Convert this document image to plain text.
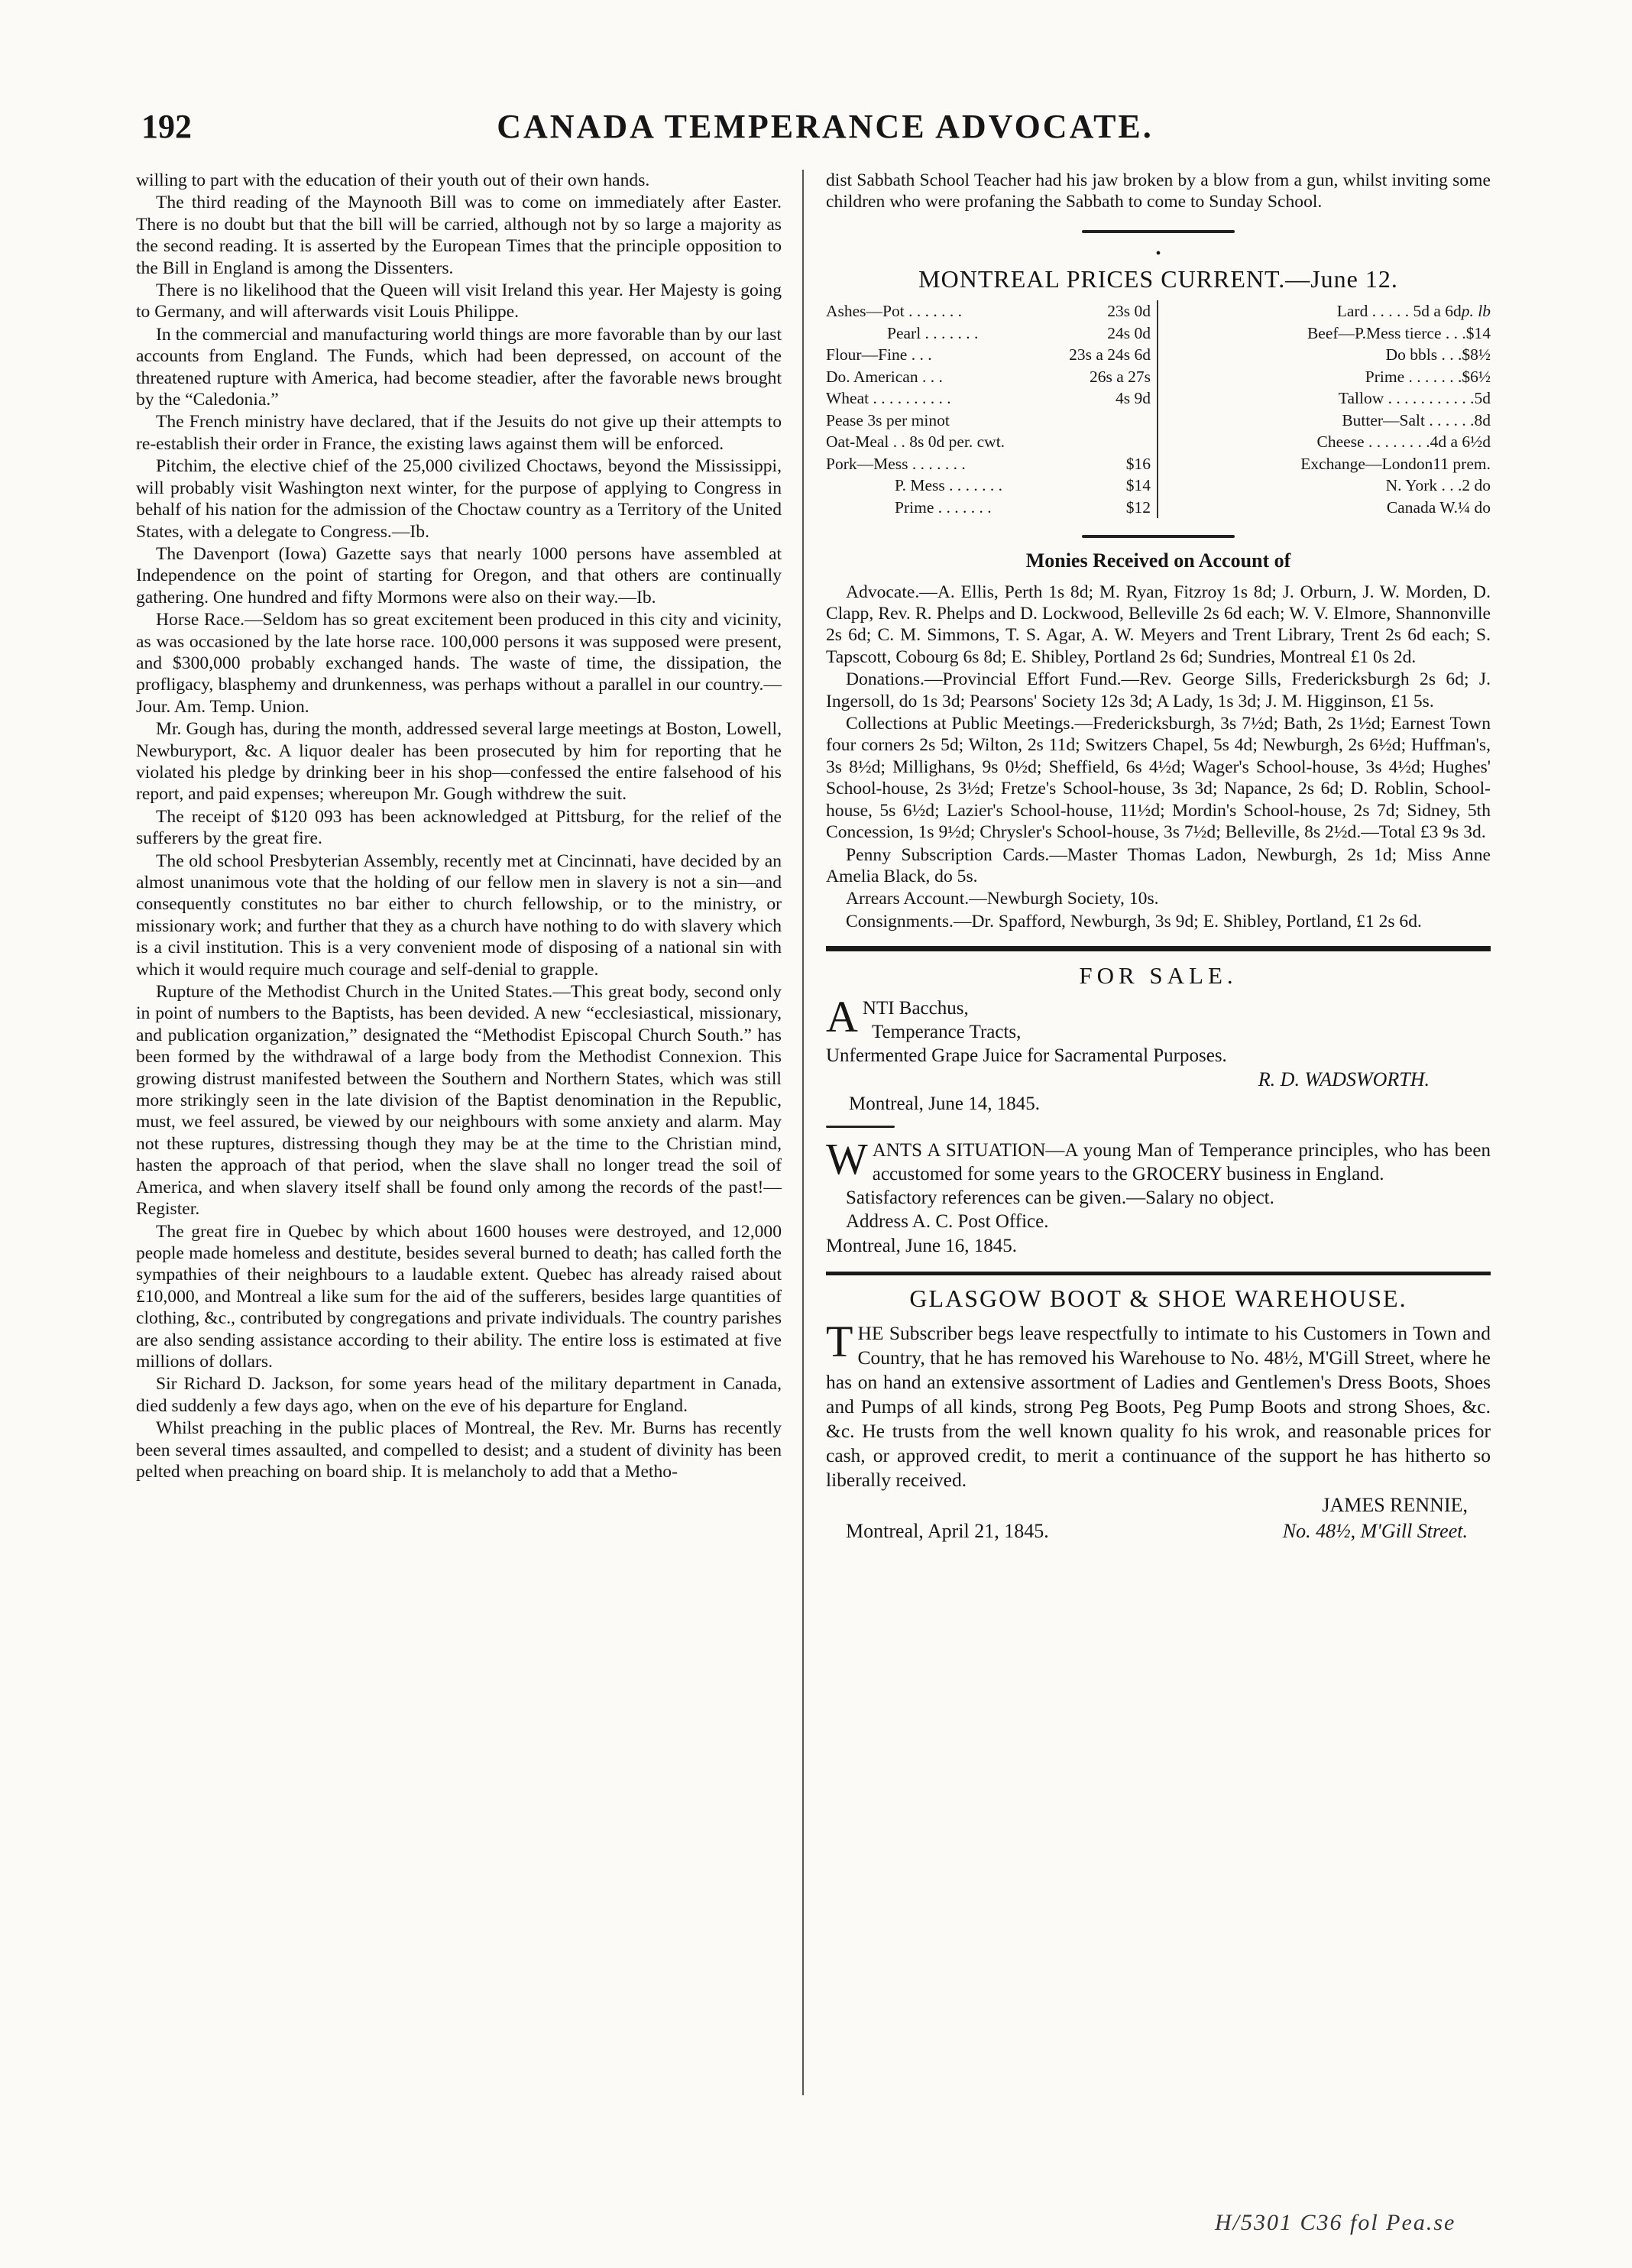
192	CANADA TEMPERANCE ADVOCATE.

willing to part with the education of their youth out of their own hands.

The third reading of the Maynooth Bill was to come on immediately after Easter. There is no doubt but that the bill will be carried, although not by so large a majority as the second reading. It is asserted by the European Times that the principle opposition to the Bill in England is among the Dissenters.

There is no likelihood that the Queen will visit Ireland this year. Her Majesty is going to Germany, and will afterwards visit Louis Philippe.

In the commercial and manufacturing world things are more favorable than by our last accounts from England. The Funds, which had been depressed, on account of the threatened rupture with America, had become steadier, after the favorable news brought by the “Caledonia.”

The French ministry have declared, that if the Jesuits do not give up their attempts to re-establish their order in France, the existing laws against them will be enforced.

Pitchim, the elective chief of the 25,000 civilized Choctaws, beyond the Mississippi, will probably visit Washington next winter, for the purpose of applying to Congress in behalf of his nation for the admission of the Choctaw country as a Territory of the United States, with a delegate to Congress.—Ib.

The Davenport (Iowa) Gazette says that nearly 1000 persons have assembled at Independence on the point of starting for Oregon, and that others are continually gathering. One hundred and fifty Mormons were also on their way.—Ib.

Horse Race.—Seldom has so great excitement been produced in this city and vicinity, as was occasioned by the late horse race. 100,000 persons it was supposed were present, and $300,000 probably exchanged hands. The waste of time, the dissipation, the profligacy, blasphemy and drunkenness, was perhaps without a parallel in our country.—Jour. Am. Temp. Union.

Mr. Gough has, during the month, addressed several large meetings at Boston, Lowell, Newburyport, &c. A liquor dealer has been prosecuted by him for reporting that he violated his pledge by drinking beer in his shop—confessed the entire falsehood of his report, and paid expenses; whereupon Mr. Gough withdrew the suit.

The receipt of $120 093 has been acknowledged at Pittsburg, for the relief of the sufferers by the great fire.

The old school Presbyterian Assembly, recently met at Cincinnati, have decided by an almost unanimous vote that the holding of our fellow men in slavery is not a sin—and consequently constitutes no bar either to church fellowship, or to the ministry, or missionary work; and further that they as a church have nothing to do with slavery which is a civil institution. This is a very convenient mode of disposing of a national sin with which it would require much courage and self-denial to grapple.

Rupture of the Methodist Church in the United States.—This great body, second only in point of numbers to the Baptists, has been devided. A new “ecclesiastical, missionary, and publication organization,” designated the “Methodist Episcopal Church South.” has been formed by the withdrawal of a large body from the Methodist Connexion. This growing distrust manifested between the Southern and Northern States, which was still more strikingly seen in the late division of the Baptist denomination in the Republic, must, we feel assured, be viewed by our neighbours with some anxiety and alarm. May not these ruptures, distressing though they may be at the time to the Christian mind, hasten the approach of that period, when the slave shall no longer tread the soil of America, and when slavery itself shall be found only among the records of the past!—Register.

The great fire in Quebec by which about 1600 houses were destroyed, and 12,000 people made homeless and destitute, besides several burned to death; has called forth the sympathies of their neighbours to a laudable extent. Quebec has already raised about £10,000, and Montreal a like sum for the aid of the sufferers, besides large quantities of clothing, &c., contributed by congregations and private individuals. The country parishes are also sending assistance according to their ability. The entire loss is estimated at five millions of dollars.

Sir Richard D. Jackson, for some years head of the military department in Canada, died suddenly a few days ago, when on the eve of his departure for England.

Whilst preaching in the public places of Montreal, the Rev. Mr. Burns has recently been several times assaulted, and compelled to desist; and a student of divinity has been pelted when preaching on board ship. It is melancholy to add that a Metho-

dist Sabbath School Teacher had his jaw broken by a blow from a gun, whilst inviting some children who were profaning the Sabbath to come to Sunday School.

•
MONTREAL PRICES CURRENT.—June 12.
Ashes—Pot . . . . . . .	23s 0d
Pearl . . . . . . .	24s 0d
Flour—Fine . . .	23s a 24s 6d
Do. American . . .	26s a 27s
Wheat . . . . . . . . . .	4s 9d
Pease 3s per minot
Oat-Meal . . 8s 0d per. cwt.
Pork—Mess . . . . . . .	$16
P. Mess . . . . . . .	$14
Prime . . . . . . .	$12
Lard . . . . . 5d a 6d p. lb
Beef—P.Mess tierce . . . $14
Do bbls . . . $8½
Prime . . . . . . . $6½
Tallow . . . . . . . . . . . 5d
Butter—Salt . . . . . . 8d
Cheese . . . . . . . . 4d a 6½d
Exchange—London 11 prem.
N. York . . . 2 do
Canada W. ¼ do
Monies Received on Account of

Advocate.—A. Ellis, Perth 1s 8d; M. Ryan, Fitzroy 1s 8d; J. Orburn, J. W. Morden, D. Clapp, Rev. R. Phelps and D. Lockwood, Belleville 2s 6d each; W. V. Elmore, Shannonville 2s 6d; C. M. Simmons, T. S. Agar, A. W. Meyers and Trent Library, Trent 2s 6d each; S. Tapscott, Cobourg 6s 8d; E. Shibley, Portland 2s 6d; Sundries, Montreal £1 0s 2d.

Donations.—Provincial Effort Fund.—Rev. George Sills, Fredericksburgh 2s 6d; J. Ingersoll, do 1s 3d; Pearsons' Society 12s 3d; A Lady, 1s 3d; J. M. Higginson, £1 5s.

Collections at Public Meetings.—Fredericksburgh, 3s 7½d; Bath, 2s 1½d; Earnest Town four corners 2s 5d; Wilton, 2s 11d; Switzers Chapel, 5s 4d; Newburgh, 2s 6½d; Huffman's, 3s 8½d; Millighans, 9s 0½d; Sheffield, 6s 4½d; Wager's School-house, 3s 4½d; Hughes' School-house, 2s 3½d; Fretze's School-house, 3s 3d; Napance, 2s 6d; D. Roblin, School-house, 5s 6½d; Lazier's School-house, 11½d; Mordin's School-house, 2s 7d; Sidney, 5th Concession, 1s 9½d; Chrysler's School-house, 3s 7½d; Belleville, 8s 2½d.—Total £3 9s 3d.

Penny Subscription Cards.—Master Thomas Ladon, Newburgh, 2s 1d; Miss Anne Amelia Black, do 5s.

Arrears Account.—Newburgh Society, 10s.

Consignments.—Dr. Spafford, Newburgh, 3s 9d; E. Shibley, Portland, £1 2s 6d.

FOR SALE.

ANTI Bacchus,

Temperance Tracts,

Unfermented Grape Juice for Sacramental Purposes.

R. D. WADSWORTH.

Montreal, June 14, 1845.

WANTS A SITUATION—A young Man of Temperance principles, who has been accustomed for some years to the GROCERY business in England.

Satisfactory references can be given.—Salary no object.

Address A. C. Post Office.

Montreal, June 16, 1845.

GLASGOW BOOT & SHOE WAREHOUSE.

THE Subscriber begs leave respectfully to intimate to his Customers in Town and Country, that he has removed his Warehouse to No. 48½, M'Gill Street, where he has on hand an extensive assortment of Ladies and Gentlemen's Dress Boots, Shoes and Pumps of all kinds, strong Peg Boots, Peg Pump Boots and strong Shoes, &c. &c. He trusts from the well known quality fo his wrok, and reasonable prices for cash, or approved credit, to merit a continuance of the support he has hitherto so liberally received.

JAMES RENNIE,

Montreal, April 21, 1845.	No. 48½, M'Gill Street.
H/5301 C36 fol Pea.se
